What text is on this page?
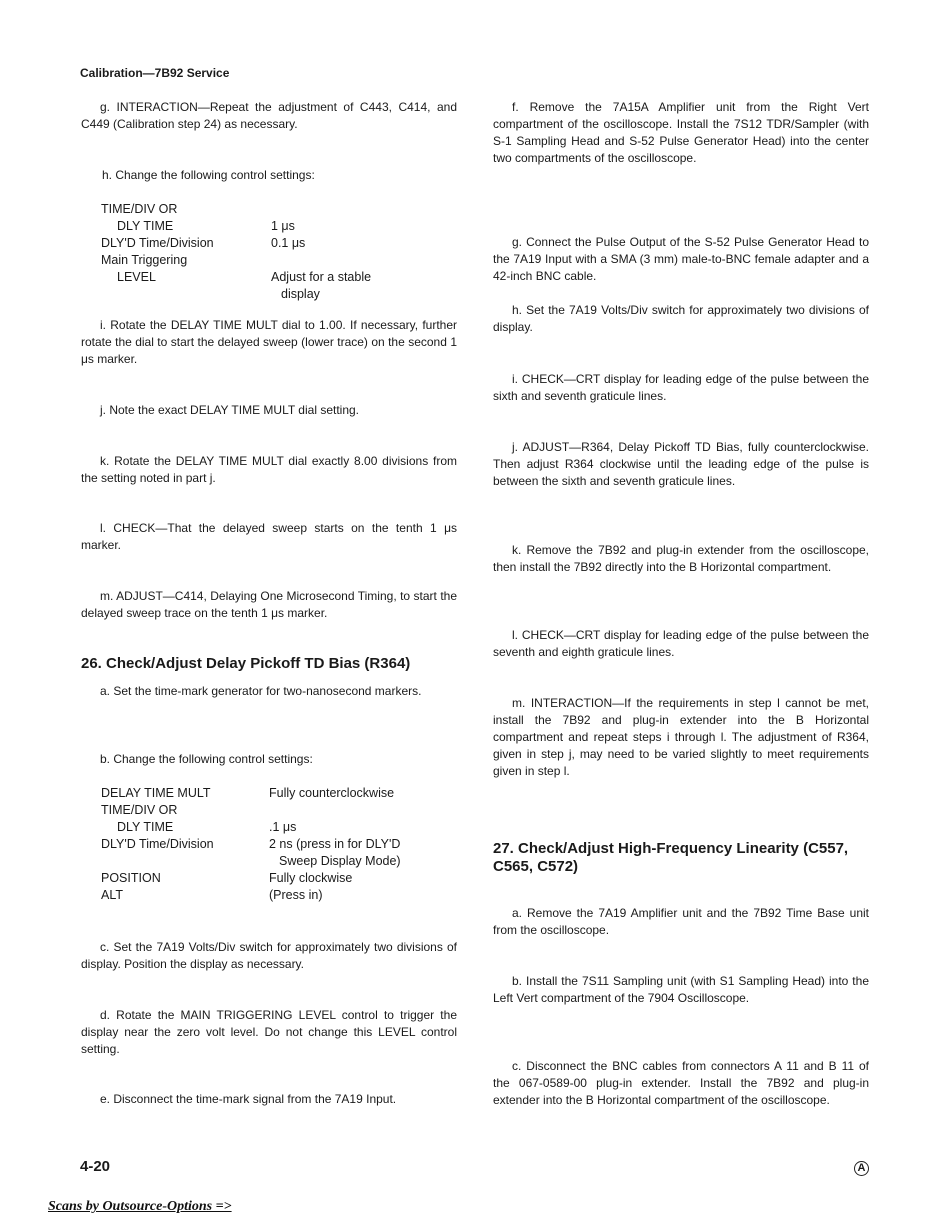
Calibration—7B92 Service

g. INTERACTION—Repeat the adjustment of C443, C414, and C449 (Calibration step 24) as necessary.

h. Change the following control settings:

TIME/DIV OR
DLY TIME	1 μs
DLY'D Time/Division	0.1 μs
Main Triggering
LEVEL	Adjust for a stable
display

i. Rotate the DELAY TIME MULT dial to 1.00. If necessary, further rotate the dial to start the delayed sweep (lower trace) on the second 1 μs marker.

j. Note the exact DELAY TIME MULT dial setting.

k. Rotate the DELAY TIME MULT dial exactly 8.00 divisions from the setting noted in part j.

l. CHECK—That the delayed sweep starts on the tenth 1 μs marker.

m. ADJUST—C414, Delaying One Microsecond Timing, to start the delayed sweep trace on the tenth 1 μs marker.

26. Check/Adjust Delay Pickoff TD Bias (R364)

a. Set the time-mark generator for two-nanosecond markers.

b. Change the following control settings:

DELAY TIME MULT	Fully counterclockwise
TIME/DIV OR
DLY TIME	.1 μs
DLY'D Time/Division	2 ns (press in for DLY'D
Sweep Display Mode)
POSITION	Fully clockwise
ALT	(Press in)

c. Set the 7A19 Volts/Div switch for approximately two divisions of display. Position the display as necessary.

d. Rotate the MAIN TRIGGERING LEVEL control to trigger the display near the zero volt level. Do not change this LEVEL control setting.

e. Disconnect the time-mark signal from the 7A19 Input.

f. Remove the 7A15A Amplifier unit from the Right Vert compartment of the oscilloscope. Install the 7S12 TDR/Sampler (with S-1 Sampling Head and S-52 Pulse Generator Head) into the center two compartments of the oscilloscope.

g. Connect the Pulse Output of the S-52 Pulse Generator Head to the 7A19 Input with a SMA (3 mm) male-to-BNC female adapter and a 42-inch BNC cable.

h. Set the 7A19 Volts/Div switch for approximately two divisions of display.

i. CHECK—CRT display for leading edge of the pulse between the sixth and seventh graticule lines.

j. ADJUST—R364, Delay Pickoff TD Bias, fully counterclockwise. Then adjust R364 clockwise until the leading edge of the pulse is between the sixth and seventh graticule lines.

k. Remove the 7B92 and plug-in extender from the oscilloscope, then install the 7B92 directly into the B Horizontal compartment.

l. CHECK—CRT display for leading edge of the pulse between the seventh and eighth graticule lines.

m. INTERACTION—If the requirements in step l cannot be met, install the 7B92 and plug-in extender into the B Horizontal compartment and repeat steps i through l. The adjustment of R364, given in step j, may need to be varied slightly to meet requirements given in step l.

27. Check/Adjust High-Frequency Linearity (C557, C565, C572)

a. Remove the 7A19 Amplifier unit and the 7B92 Time Base unit from the oscilloscope.

b. Install the 7S11 Sampling unit (with S1 Sampling Head) into the Left Vert compartment of the 7904 Oscilloscope.

c. Disconnect the BNC cables from connectors A 11 and B 11 of the 067-0589-00 plug-in extender. Install the 7B92 and plug-in extender into the B Horizontal compartment of the oscilloscope.

4-20	A
Scans by Outsource-Options =>
